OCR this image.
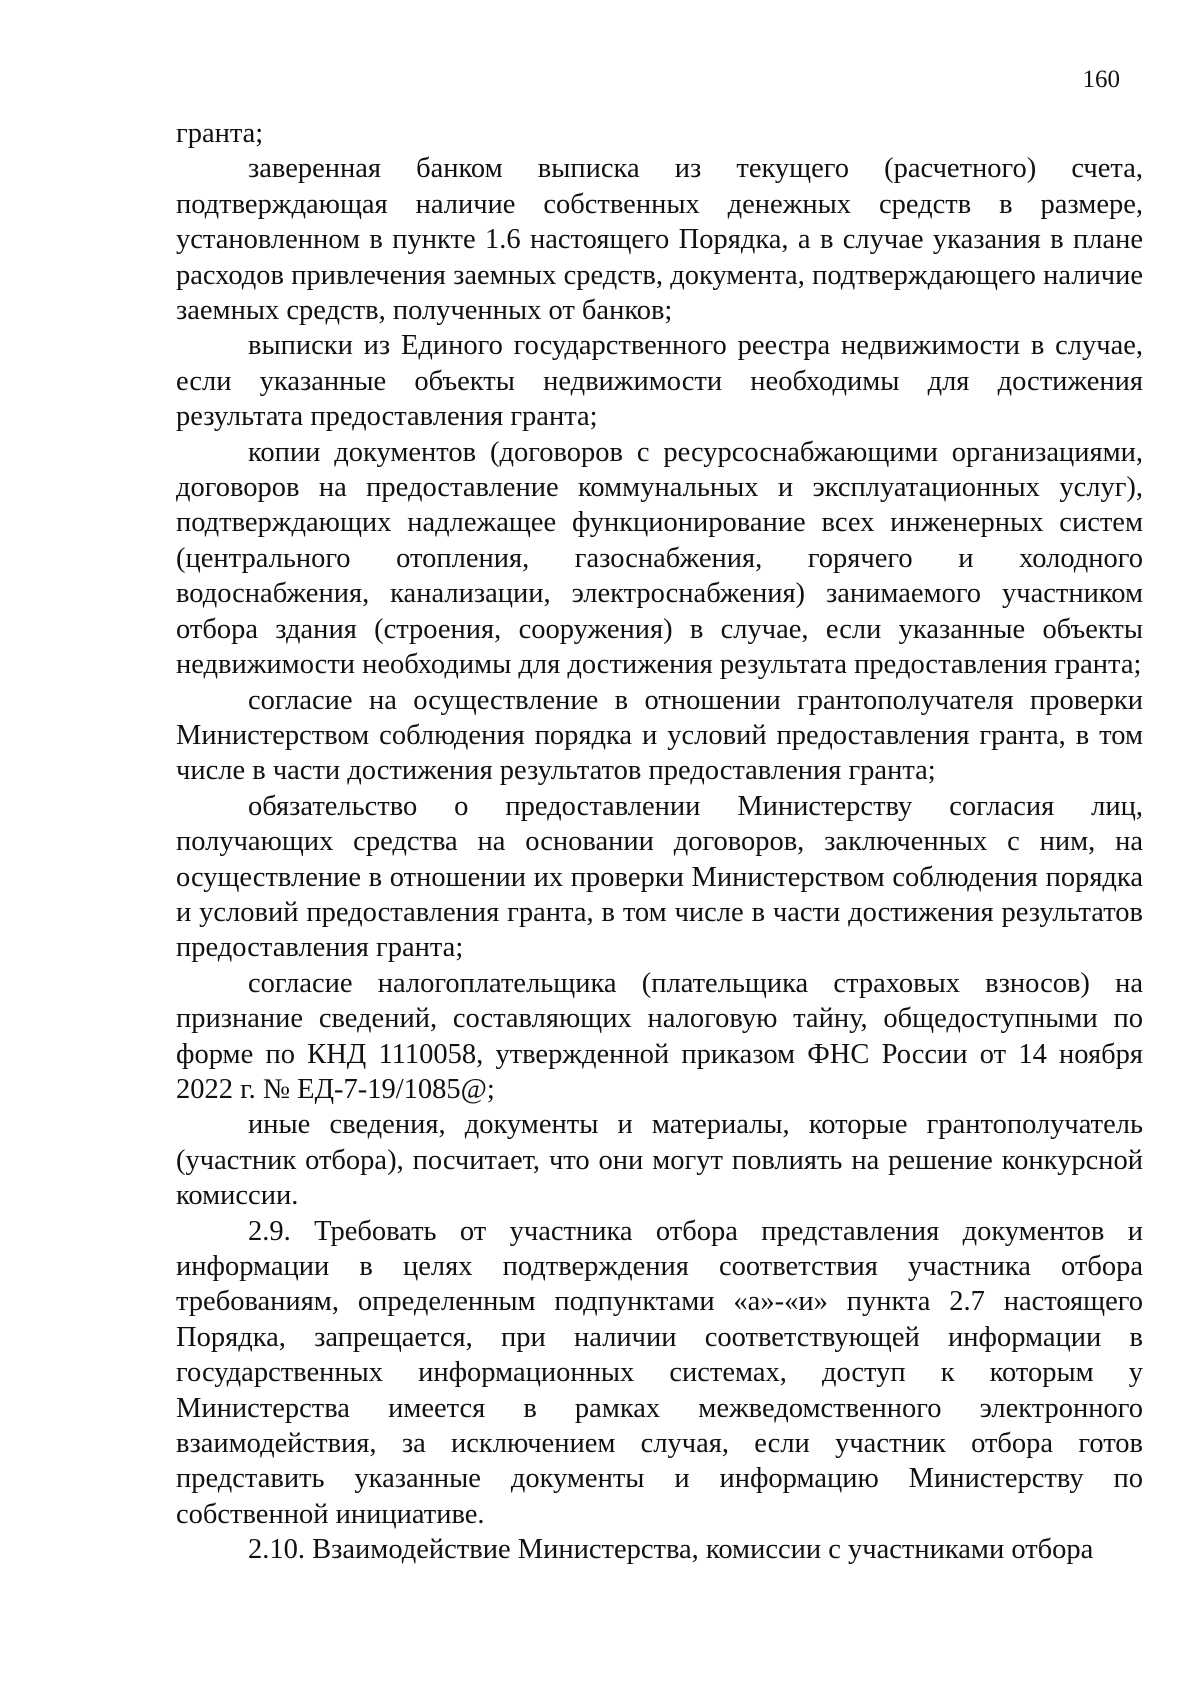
160

гранта;

заверенная банком выписка из текущего (расчетного) счета, подтверждающая наличие собственных денежных средств в размере, установленном в пункте 1.6 настоящего Порядка, а в случае указания в плане расходов привлечения заемных средств, документа, подтверждающего наличие заемных средств, полученных от банков;

выписки из Единого государственного реестра недвижимости в случае, если указанные объекты недвижимости необходимы для достижения результата предоставления гранта;

копии документов (договоров с ресурсоснабжающими организациями, договоров на предоставление коммунальных и эксплуатационных услуг), подтверждающих надлежащее функционирование всех инженерных систем (центрального отопления, газоснабжения, горячего и холодного водоснабжения, канализации, электроснабжения) занимаемого участником отбора здания (строения, сооружения) в случае, если указанные объекты недвижимости необходимы для достижения результата предоставления гранта;

согласие на осуществление в отношении грантополучателя проверки Министерством соблюдения порядка и условий предоставления гранта, в том числе в части достижения результатов предоставления гранта;

обязательство о предоставлении Министерству согласия лиц, получающих средства на основании договоров, заключенных с ним, на осуществление в отношении их проверки Министерством соблюдения порядка и условий предоставления гранта, в том числе в части достижения результатов предоставления гранта;

согласие налогоплательщика (плательщика страховых взносов) на признание сведений, составляющих налоговую тайну, общедоступными по форме по КНД 1110058, утвержденной приказом ФНС России от 14 ноября 2022 г. № ЕД-7-19/1085@;

иные сведения, документы и материалы, которые грантополучатель (участник отбора), посчитает, что они могут повлиять на решение конкурсной комиссии.

2.9. Требовать от участника отбора представления документов и информации в целях подтверждения соответствия участника отбора требованиям, определенным подпунктами «а»-«и» пункта 2.7 настоящего Порядка, запрещается, при наличии соответствующей информации в государственных информационных системах, доступ к которым у Министерства имеется в рамках межведомственного электронного взаимодействия, за исключением случая, если участник отбора готов представить указанные документы и информацию Министерству по собственной инициативе.

2.10. Взаимодействие Министерства, комиссии с участниками отбора
